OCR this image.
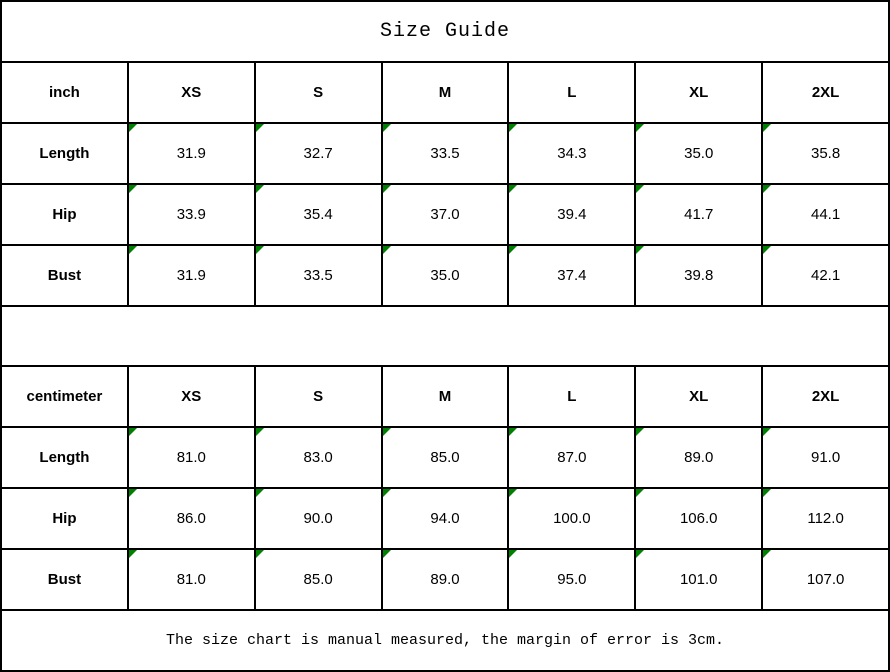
Size Guide
inch	XS	S	M	L	XL	2XL
Length	31.9	32.7	33.5	34.3	35.0	35.8
Hip	33.9	35.4	37.0	39.4	41.7	44.1
Bust	31.9	33.5	35.0	37.4	39.8	42.1
centimeter	XS	S	M	L	XL	2XL
Length	81.0	83.0	85.0	87.0	89.0	91.0
Hip	86.0	90.0	94.0	100.0	106.0	112.0
Bust	81.0	85.0	89.0	95.0	101.0	107.0
The size chart is manual measured, the margin of error is 3cm.
